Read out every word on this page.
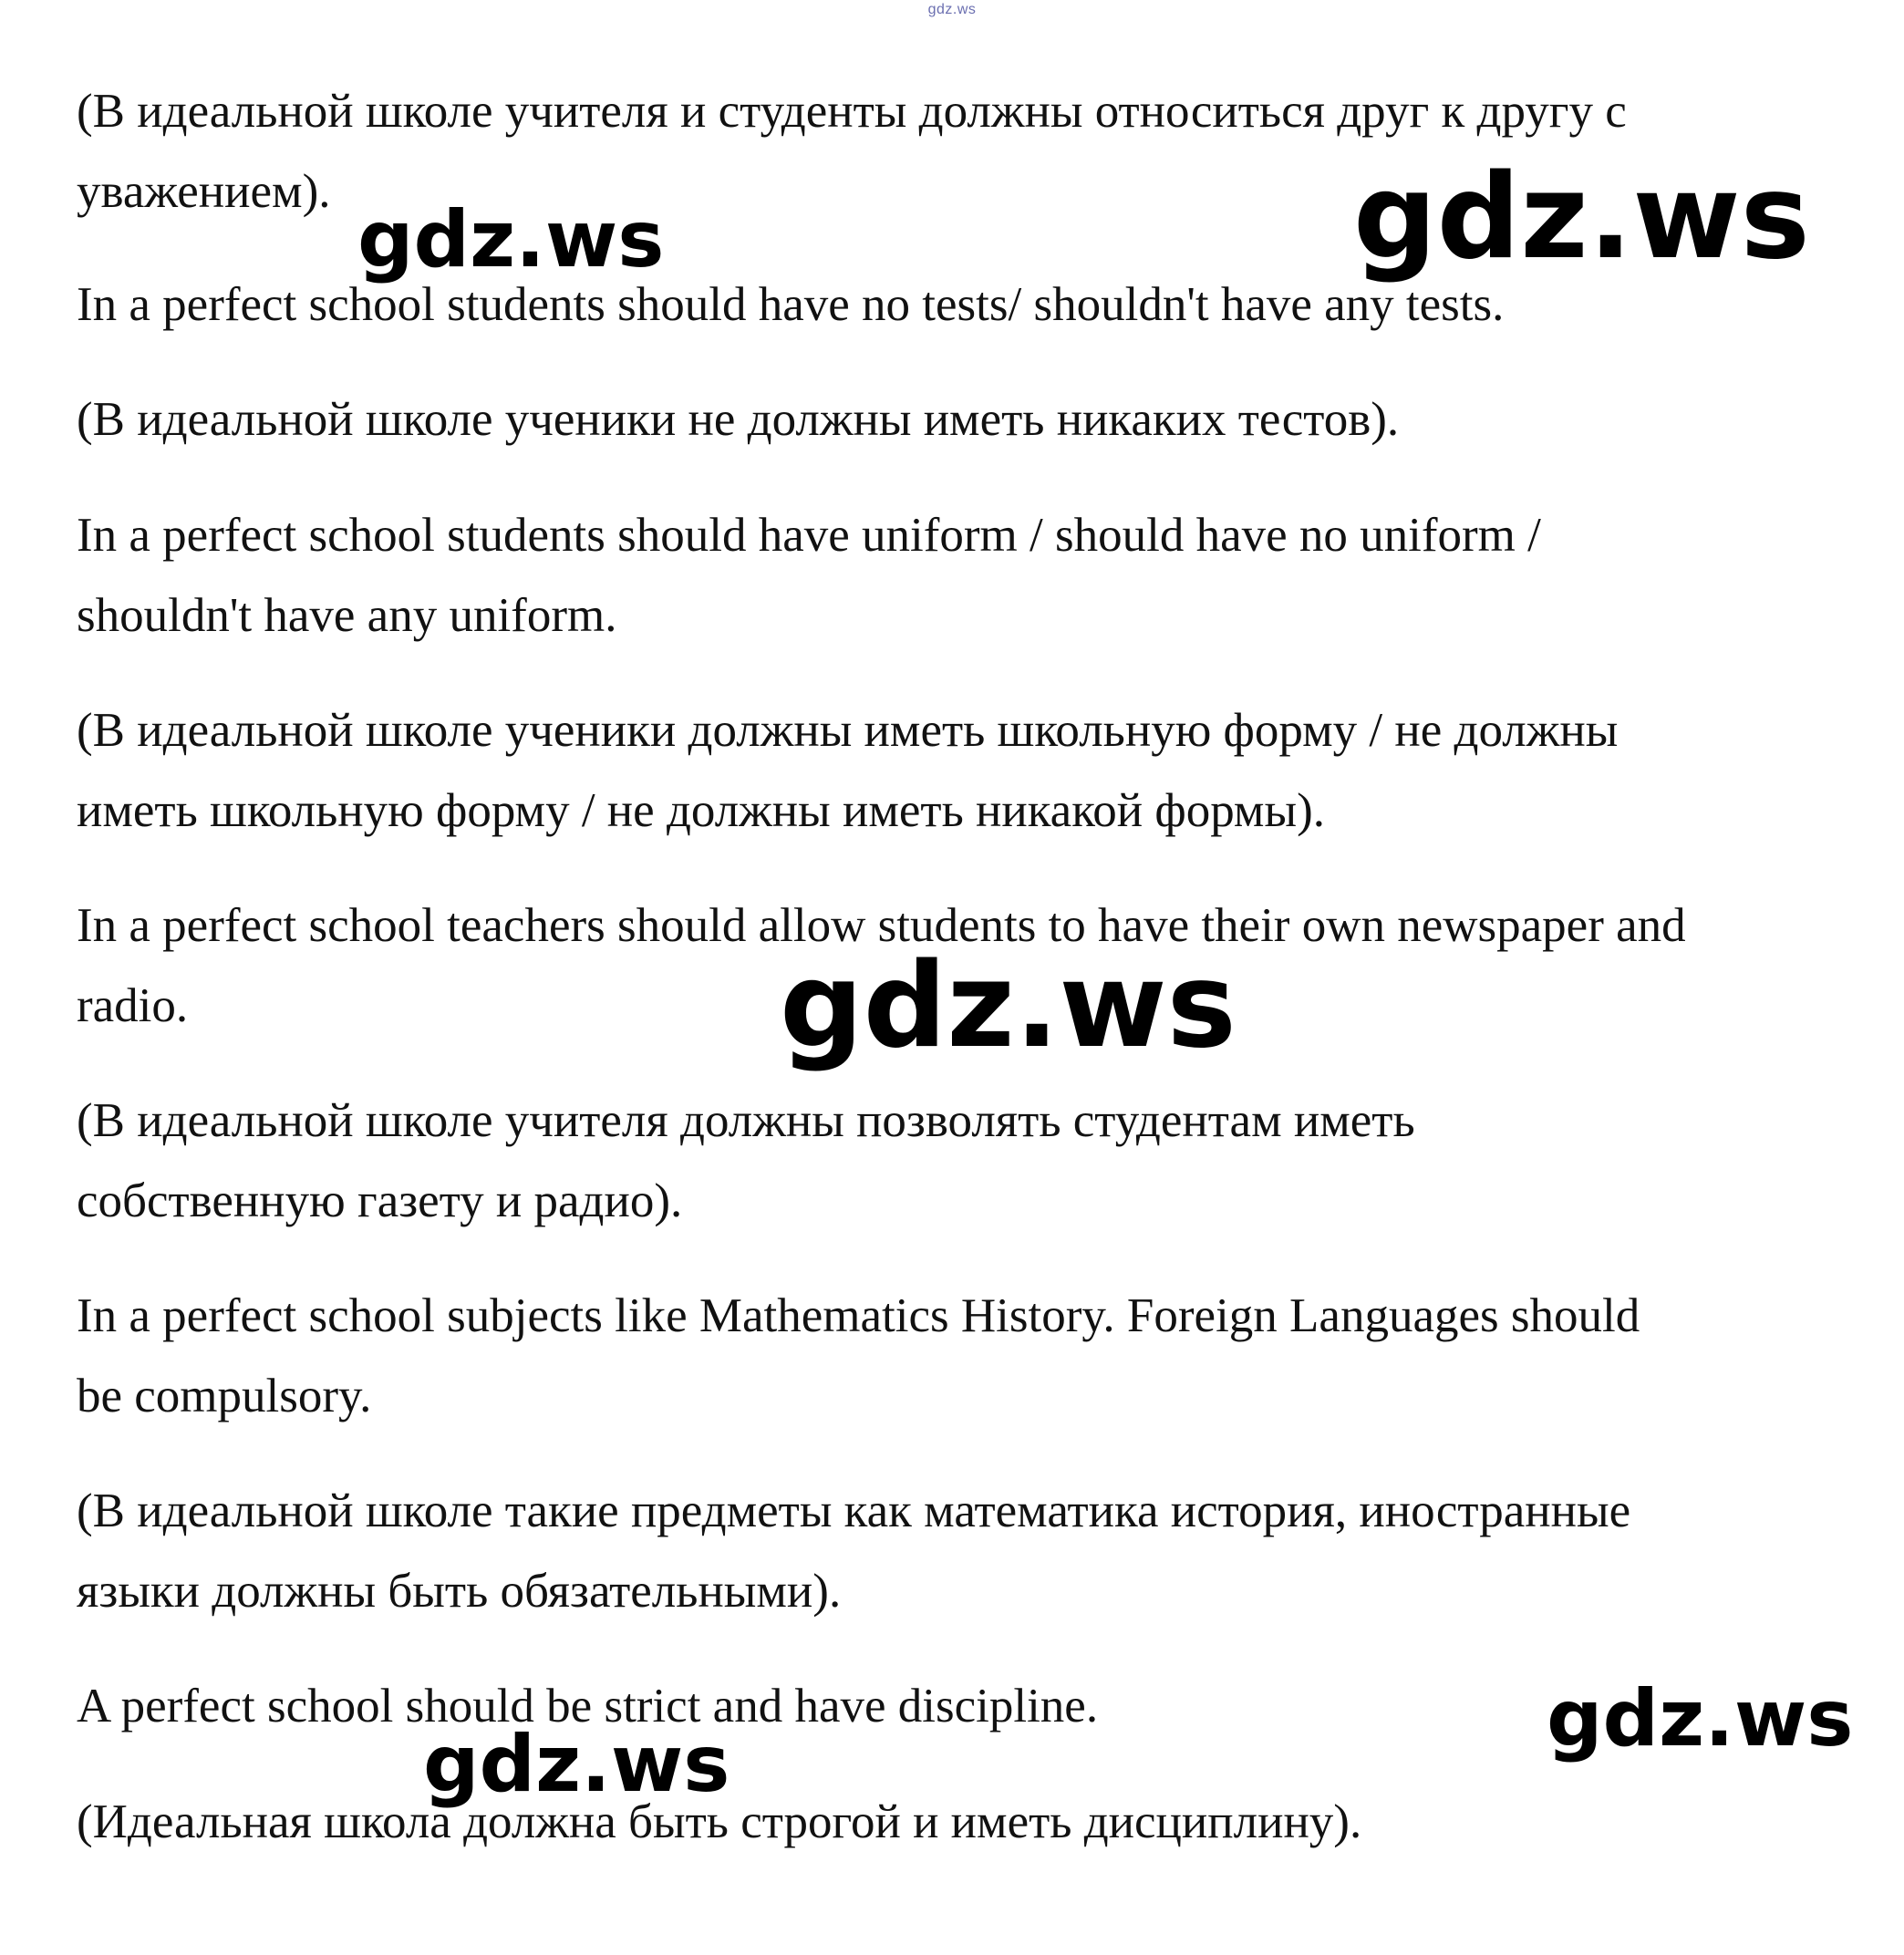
gdz.ws
(В идеальной школе учителя и студенты должны относиться друг к другу с
уважением).
In a perfect school students should have no tests/ shouldn't have any tests.
(В идеальной школе ученики не должны иметь никаких тестов).
In a perfect school students should have uniform / should have no uniform /
shouldn't have any uniform.
(В идеальной школе ученики должны иметь школьную форму / не должны
иметь школьную форму / не должны иметь никакой формы).
In a perfect school teachers should allow students to have their own newspaper and
radio.
(В идеальной школе учителя должны позволять студентам иметь
собственную газету и радио).
In a perfect school subjects like Mathematics History. Foreign Languages should
be compulsory.
(В идеальной школе такие предметы как математика история, иностранные
языки должны быть обязательными).
A perfect school should be strict and have discipline.
(Идеальная школа должна быть строгой и иметь дисциплину).
gdz.ws	gdz.ws
gdz.ws
gdz.ws
gdz.ws
